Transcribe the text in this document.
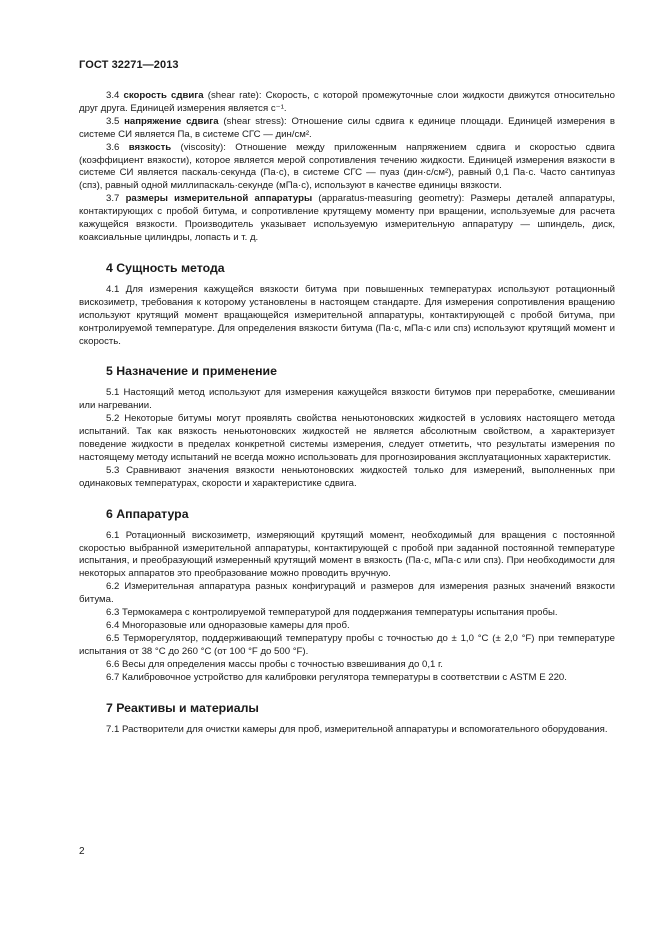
ГОСТ 32271—2013

3.4 скорость сдвига (shear rate): Скорость, с которой промежуточные слои жидкости движутся относительно друг друга. Единицей измерения является с⁻¹.

3.5 напряжение сдвига (shear stress): Отношение силы сдвига к единице площади. Единицей измерения в системе СИ является Па, в системе СГС — дин/см².

3.6 вязкость (viscosity): Отношение между приложенным напряжением сдвига и скоростью сдвига (коэффициент вязкости), которое является мерой сопротивления течению жидкости. Единицей измерения вязкости в системе СИ является паскаль·секунда (Па·с), в системе СГС — пуаз (дин·с/см²), равный 0,1 Па·с. Часто сантипуаз (спз), равный одной миллипаскаль·секунде (мПа·с), используют в качестве единицы вязкости.

3.7 размеры измерительной аппаратуры (apparatus-measuring geometry): Размеры деталей аппаратуры, контактирующих с пробой битума, и сопротивление крутящему моменту при вращении, используемые для расчета кажущейся вязкости. Производитель указывает используемую измерительную аппаратуру — шпиндель, диск, коаксиальные цилиндры, лопасть и т. д.

4 Сущность метода

4.1 Для измерения кажущейся вязкости битума при повышенных температурах используют ротационный вискозиметр, требования к которому установлены в настоящем стандарте. Для измерения сопротивления вращению используют крутящий момент вращающейся измерительной аппаратуры, контактирующей с пробой битума, при контролируемой температуре. Для определения вязкости битума (Па·с, мПа·с или спз) используют крутящий момент и скорость.

5 Назначение и применение

5.1 Настоящий метод используют для измерения кажущейся вязкости битумов при переработке, смешивании или нагревании.

5.2 Некоторые битумы могут проявлять свойства неньютоновских жидкостей в условиях настоящего метода испытаний. Так как вязкость неньютоновских жидкостей не является абсолютным свойством, а характеризует поведение жидкости в пределах конкретной системы измерения, следует отметить, что результаты измерения по настоящему методу испытаний не всегда можно использовать для прогнозирования эксплуатационных характеристик.

5.3 Сравнивают значения вязкости неньютоновских жидкостей только для измерений, выполненных при одинаковых температурах, скорости и характеристике сдвига.

6 Аппаратура

6.1 Ротационный вискозиметр, измеряющий крутящий момент, необходимый для вращения с постоянной скоростью выбранной измерительной аппаратуры, контактирующей с пробой при заданной постоянной температуре испытания, и преобразующий измеренный крутящий момент в вязкость (Па·с, мПа·с или спз). При необходимости для некоторых аппаратов это преобразование можно проводить вручную.

6.2 Измерительная аппаратура разных конфигураций и размеров для измерения разных значений вязкости битума.

6.3 Термокамера с контролируемой температурой для поддержания температуры испытания пробы.

6.4 Многоразовые или одноразовые камеры для проб.

6.5 Терморегулятор, поддерживающий температуру пробы с точностью до ± 1,0 °C (± 2,0 °F) при температуре испытания от 38 °C до 260 °C (от 100 °F до 500 °F).

6.6 Весы для определения массы пробы с точностью взвешивания до 0,1 г.

6.7 Калибровочное устройство для калибровки регулятора температуры в соответствии с ASTM E 220.

7 Реактивы и материалы

7.1 Растворители для очистки камеры для проб, измерительной аппаратуры и вспомогательного оборудования.

2
